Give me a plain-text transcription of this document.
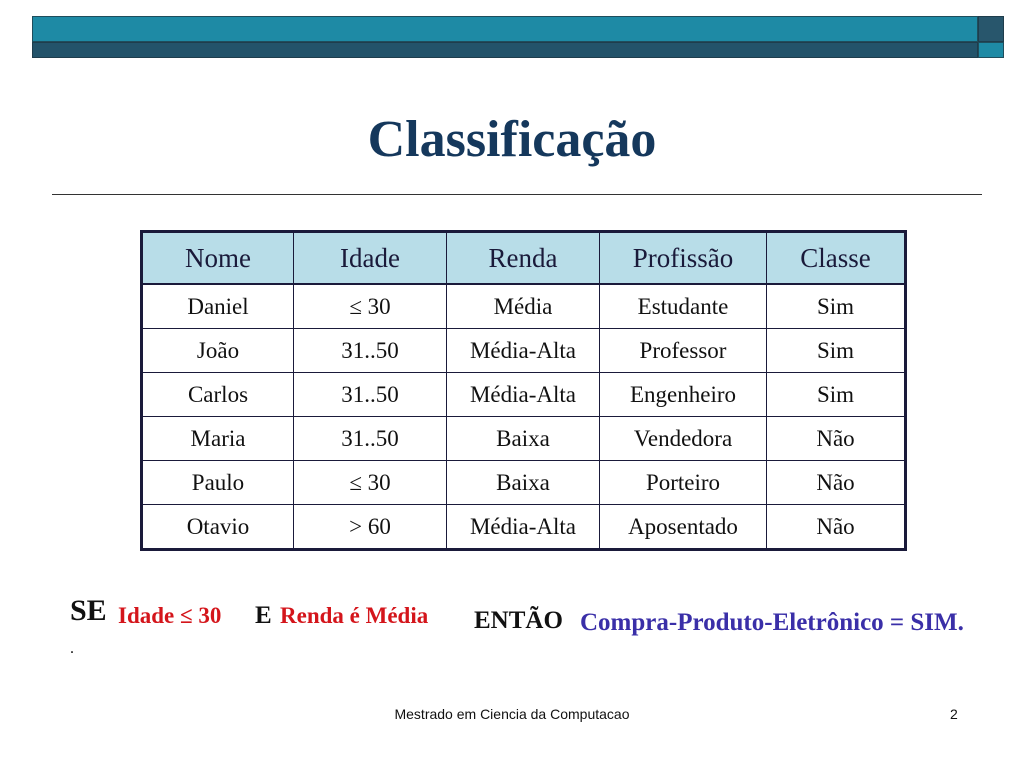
Classificação
Nome	Idade	Renda	Profissão	Classe
Daniel	≤ 30	Média	Estudante	Sim
João	31..50	Média-Alta	Professor	Sim
Carlos	31..50	Média-Alta	Engenheiro	Sim
Maria	31..50	Baixa	Vendedora	Não
Paulo	≤ 30	Baixa	Porteiro	Não
Otavio	> 60	Média-Alta	Aposentado	Não
SE Idade ≤ 30 E Renda é Média ENTÃO Compra-Produto-Eletrônico = SIM.
.
Mestrado em Ciencia da Computacao	2
